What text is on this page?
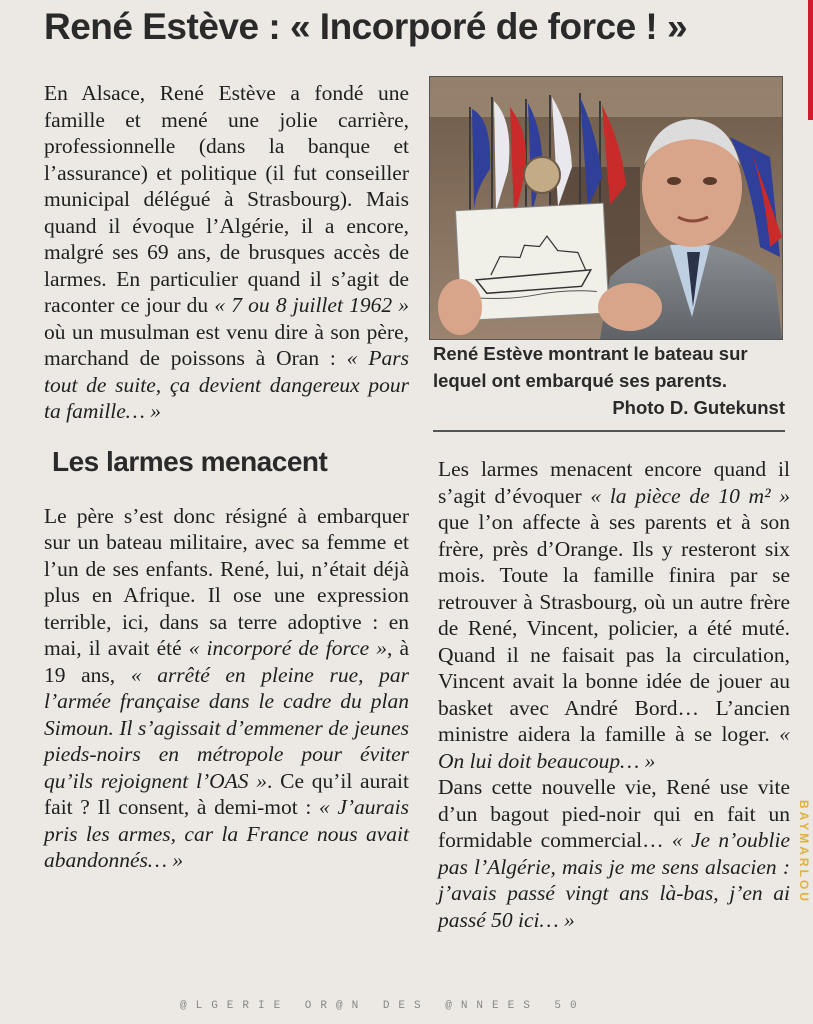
René Estève : « Incorporé de force ! »

En Alsace, René Estève a fondé une famille et mené une jolie carrière, professionnelle (dans la banque et l’assurance) et politique (il fut conseiller municipal délégué à Strasbourg). Mais quand il évoque l’Algérie, il a encore, malgré ses 69 ans, de brusques accès de larmes. En particulier quand il s’agit de raconter ce jour du « 7 ou 8 juillet 1962 » où un musulman est venu dire à son père, marchand de poissons à Oran : « Pars tout de suite, ça devient dangereux pour ta famille… »

Les larmes menacent

Le père s’est donc résigné à embarquer sur un bateau militaire, avec sa femme et l’un de ses enfants. René, lui, n’était déjà plus en Afrique. Il ose une expression terrible, ici, dans sa terre adoptive : en mai, il avait été « incorporé de force », à 19 ans, « arrêté en pleine rue, par l’armée française dans le cadre du plan Simoun. Il s’agissait d’emmener de jeunes pieds-noirs en métropole pour éviter qu’ils rejoignent l’OAS ». Ce qu’il aurait fait ? Il consent, à demi-mot : « J’aurais pris les armes, car la France nous avait abandonnés… »

René Estève montrant le bateau sur lequel ont embarqué ses parents.
Photo D. Gutekunst

Les larmes menacent encore quand il s’agit d’évoquer « la pièce de 10 m² » que l’on affecte à ses parents et à son frère, près d’Orange. Ils y resteront six mois. Toute la famille finira par se retrouver à Strasbourg, où un autre frère de René, Vincent, policier, a été muté. Quand il ne faisait pas la circulation, Vincent avait la bonne idée de jouer au basket avec André Bord… L’ancien ministre aidera la famille à se loger. « On lui doit beaucoup… »

Dans cette nouvelle vie, René use vite d’un bagout pied-noir qui en fait un formidable commercial… « Je n’oublie pas l’Algérie, mais je me sens alsacien : j’avais passé vingt ans là-bas, j’en ai passé 50 ici… »

BAYMARLOU
@LGERIE OR@N DES @NNEES 50
